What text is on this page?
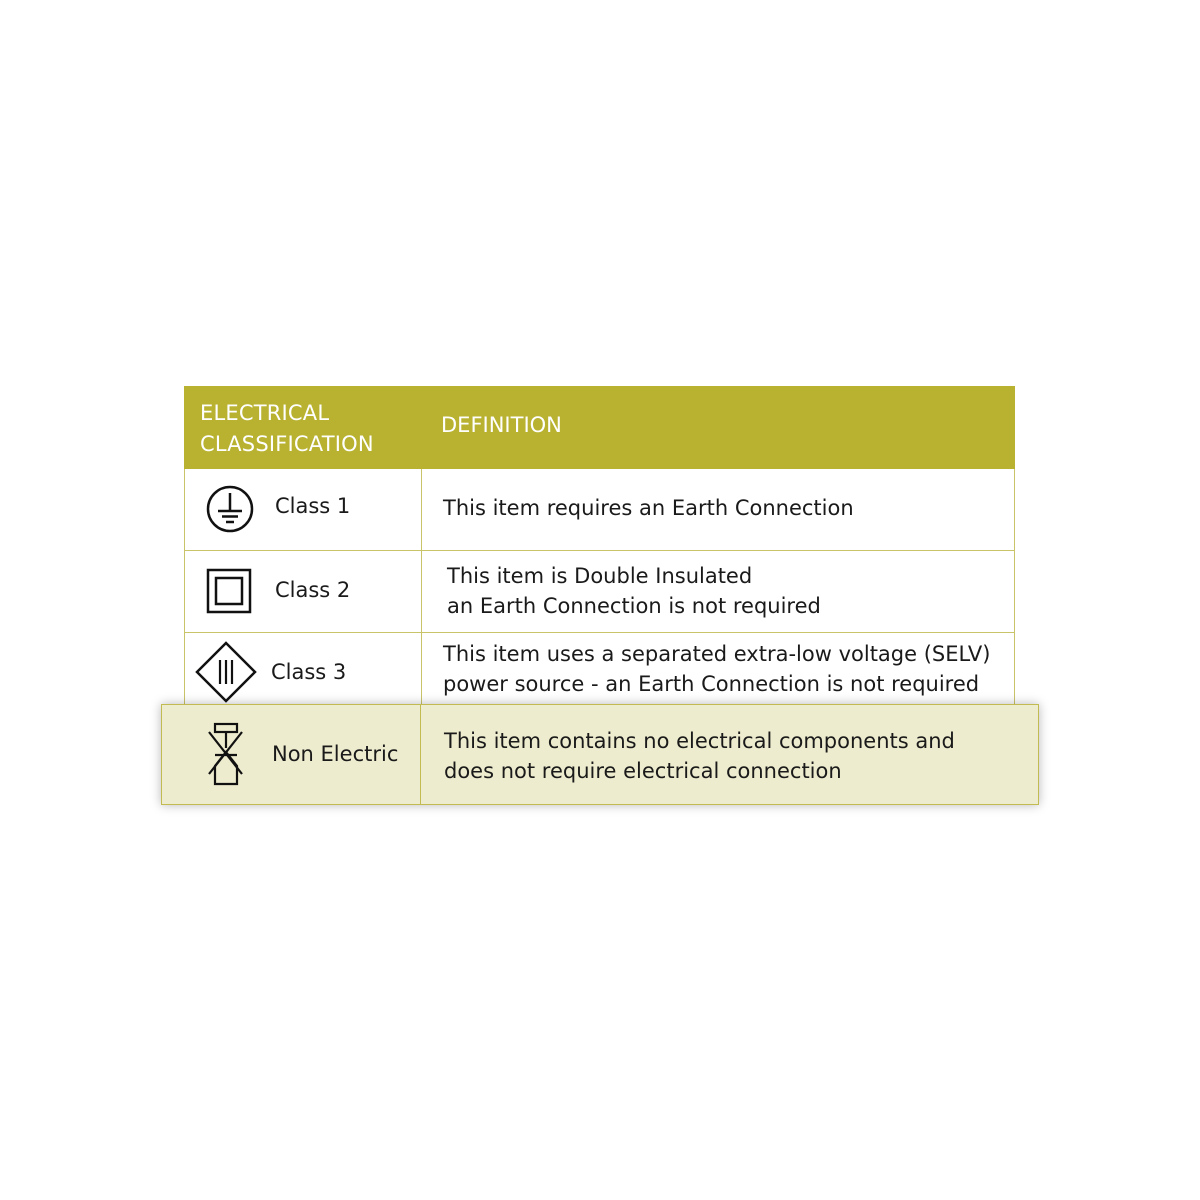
ELECTRICAL
CLASSIFICATION
DEFINITION
Class 1	This item requires an Earth Connection
Class 2
This item is Double Insulated
an Earth Connection is not required
Class 3
This item uses a separated extra-low voltage (SELV)
power source - an Earth Connection is not required
Non Electric
This item contains no electrical components and
does not require electrical connection
